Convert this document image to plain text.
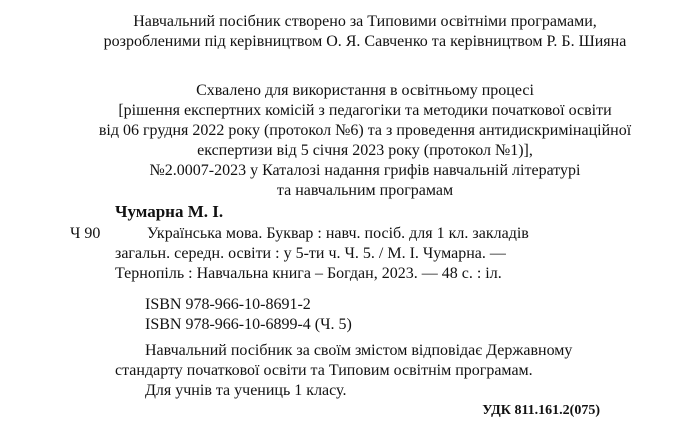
Навчальний посібник створено за Типовими освітніми програмами,
розробленими під керівництвом О. Я. Савченко та керівництвом Р. Б. Шияна
Схвалено для використання в освітньому процесі
[рішення експертних комісій з педагогіки та методики початкової освіти
від 06 грудня 2022 року (протокол №6) та з проведення антидискримінаційної
експертизи від 5 січня 2023 року (протокол №1)],
№2.0007-2023 у Каталозі надання грифів навчальній літературі
та навчальним програмам
Чумарна М. І.
Ч 90	Українська мова. Буквар : навч. посіб. для 1 кл. закладів
загальн. середн. освіти : у 5-ти ч. Ч. 5. / М. І. Чумарна. —
Тернопіль : Навчальна книга – Богдан, 2023. — 48 с. : іл.
ISBN 978-966-10-8691-2
ISBN 978-966-10-6899-4 (Ч. 5)
Навчальний посібник за своїм змістом відповідає Державному
стандарту початкової освіти та Типовим освітнім програмам.
Для учнів та учениць 1 класу.
УДК 811.161.2(075)
